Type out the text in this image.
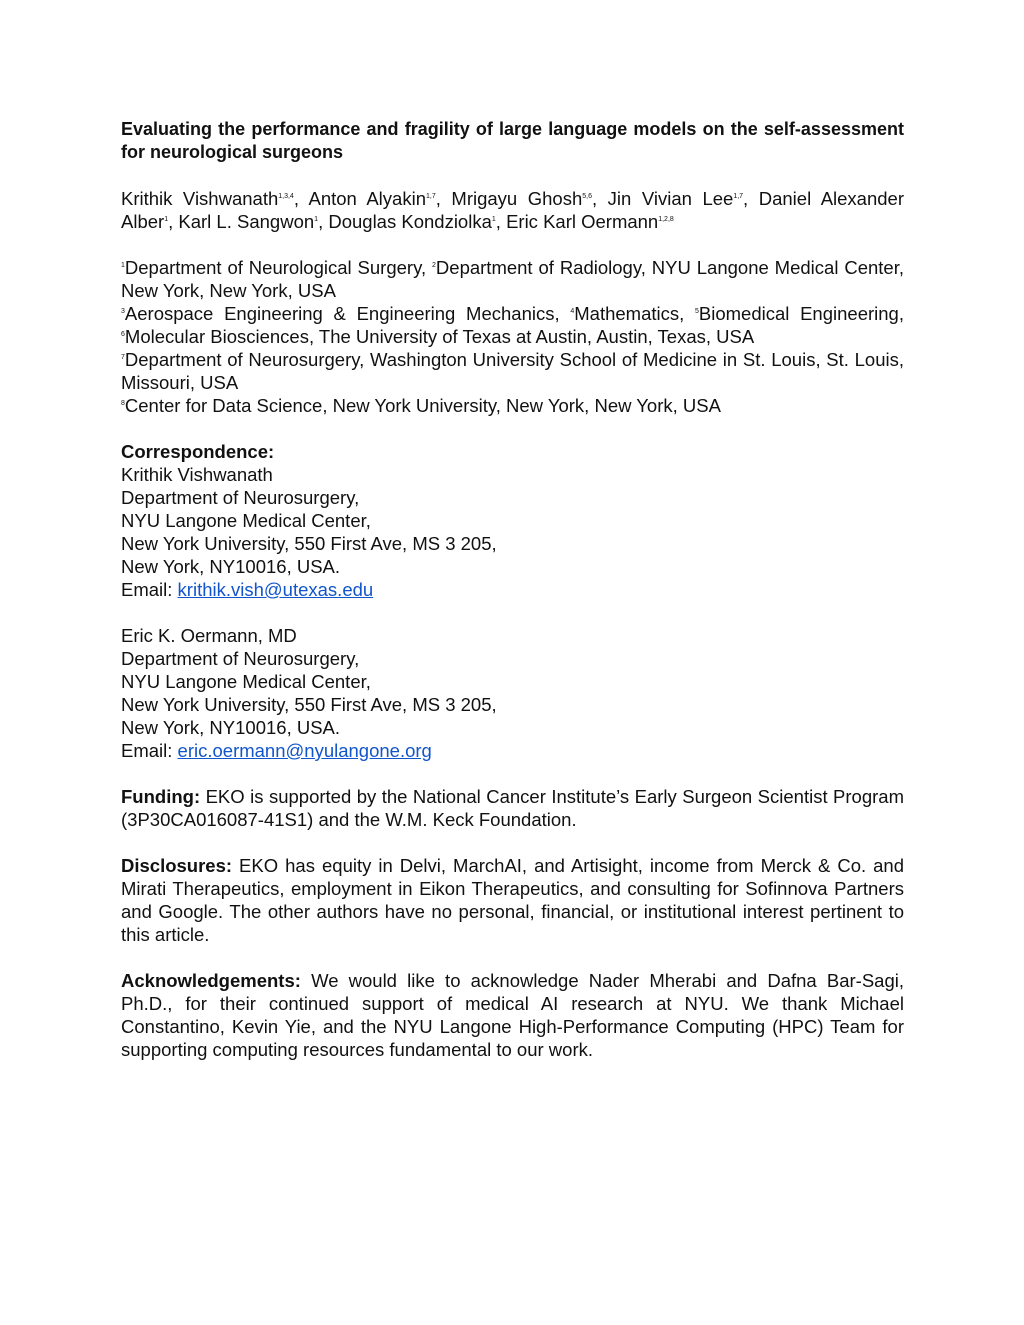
Evaluating the performance and fragility of large language models on the self-assessment for neurological surgeons

Krithik Vishwanath$^{1,3,4}$, Anton Alyakin$^{1,7}$, Mrigayu Ghosh$^{5,6}$, Jin Vivian Lee$^{1,7}$, Daniel Alexander Alber$^1$, Karl L. Sangwon$^1$, Douglas Kondziolka$^1$, Eric Karl Oermann$^{1,2,8}$

$^1$Department of Neurological Surgery, $^2$Department of Radiology, NYU Langone Medical Center, New York, New York, USA
$^3$Aerospace Engineering & Engineering Mechanics, $^4$Mathematics, $^5$Biomedical Engineering, $^6$Molecular Biosciences, The University of Texas at Austin, Austin, Texas, USA
$^7$Department of Neurosurgery, Washington University School of Medicine in St. Louis, St. Louis, Missouri, USA
$^8$Center for Data Science, New York University, New York, New York, USA
Correspondence:
Krithik Vishwanath
Department of Neurosurgery,
NYU Langone Medical Center,
New York University, 550 First Ave, MS 3 205,
New York, NY10016, USA.
Email: krithik.vish@utexas.edu
Eric K. Oermann, MD
Department of Neurosurgery,
NYU Langone Medical Center,
New York University, 550 First Ave, MS 3 205,
New York, NY10016, USA.
Email: eric.oermann@nyulangone.org

Funding: EKO is supported by the National Cancer Institute’s Early Surgeon Scientist Program (3P30CA016087-41S1) and the W.M. Keck Foundation.

Disclosures: EKO has equity in Delvi, MarchAI, and Artisight, income from Merck & Co. and Mirati Therapeutics, employment in Eikon Therapeutics, and consulting for Sofinnova Partners and Google. The other authors have no personal, financial, or institutional interest pertinent to this article.

Acknowledgements: We would like to acknowledge Nader Mherabi and Dafna Bar-Sagi, Ph.D., for their continued support of medical AI research at NYU. We thank Michael Constantino, Kevin Yie, and the NYU Langone High-Performance Computing (HPC) Team for supporting computing resources fundamental to our work.
